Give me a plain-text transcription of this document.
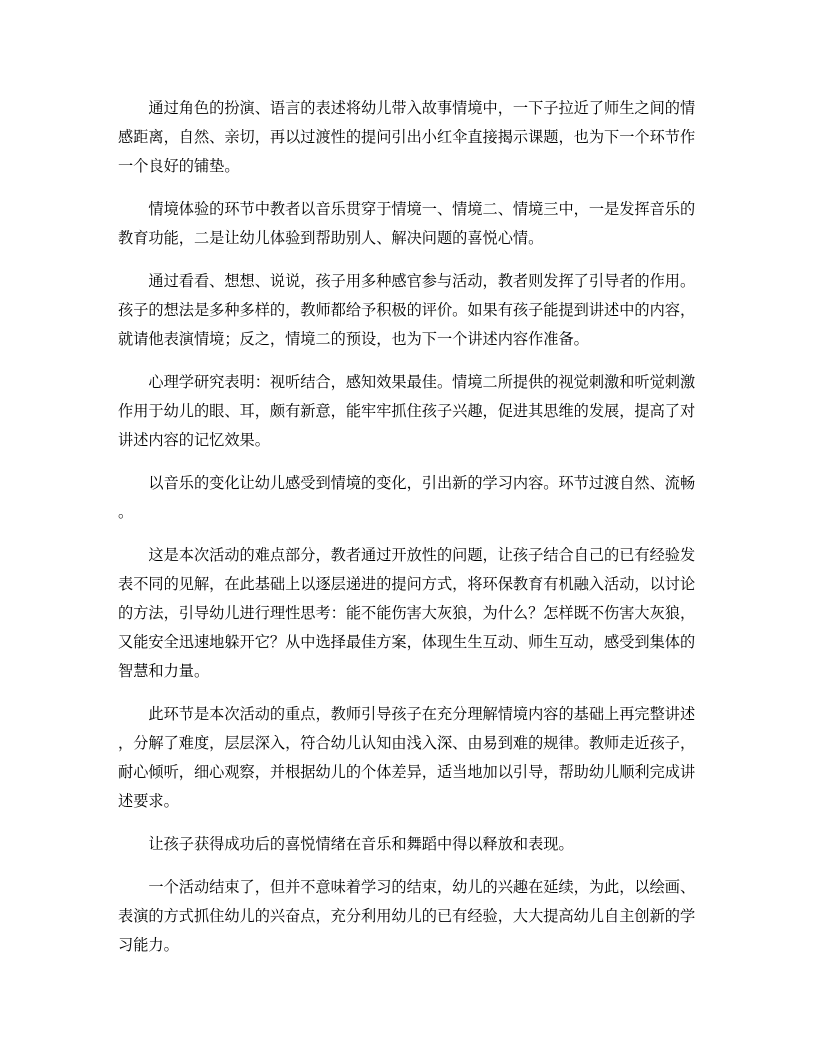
通过角色的扮演、语言的表述将幼儿带入故事情境中，一下子拉近了师生之间的情感距离，自然、亲切，再以过渡性的提问引出小红伞直接揭示课题，也为下一个环节作一个良好的铺垫。

情境体验的环节中教者以音乐贯穿于情境一、情境二、情境三中，一是发挥音乐的教育功能，二是让幼儿体验到帮助别人、解决问题的喜悦心情。

通过看看、想想、说说，孩子用多种感官参与活动，教者则发挥了引导者的作用。孩子的想法是多种多样的，教师都给予积极的评价。如果有孩子能提到讲述中的内容，就请他表演情境；反之，情境二的预设，也为下一个讲述内容作准备。

心理学研究表明：视听结合，感知效果最佳。情境二所提供的视觉刺激和听觉刺激作用于幼儿的眼、耳，颇有新意，能牢牢抓住孩子兴趣，促进其思维的发展，提高了对讲述内容的记忆效果。

以音乐的变化让幼儿感受到情境的变化，引出新的学习内容。环节过渡自然、流畅。

这是本次活动的难点部分，教者通过开放性的问题，让孩子结合自己的已有经验发表不同的见解，在此基础上以逐层递进的提问方式，将环保教育有机融入活动，以讨论的方法，引导幼儿进行理性思考：能不能伤害大灰狼，为什么？怎样既不伤害大灰狼，又能安全迅速地躲开它？从中选择最佳方案，体现生生互动、师生互动，感受到集体的智慧和力量。

此环节是本次活动的重点，教师引导孩子在充分理解情境内容的基础上再完整讲述，分解了难度，层层深入，符合幼儿认知由浅入深、由易到难的规律。教师走近孩子，耐心倾听，细心观察，并根据幼儿的个体差异，适当地加以引导，帮助幼儿顺利完成讲述要求。

让孩子获得成功后的喜悦情绪在音乐和舞蹈中得以释放和表现。

一个活动结束了，但并不意味着学习的结束，幼儿的兴趣在延续，为此，以绘画、表演的方式抓住幼儿的兴奋点，充分利用幼儿的已有经验，大大提高幼儿自主创新的学习能力。
